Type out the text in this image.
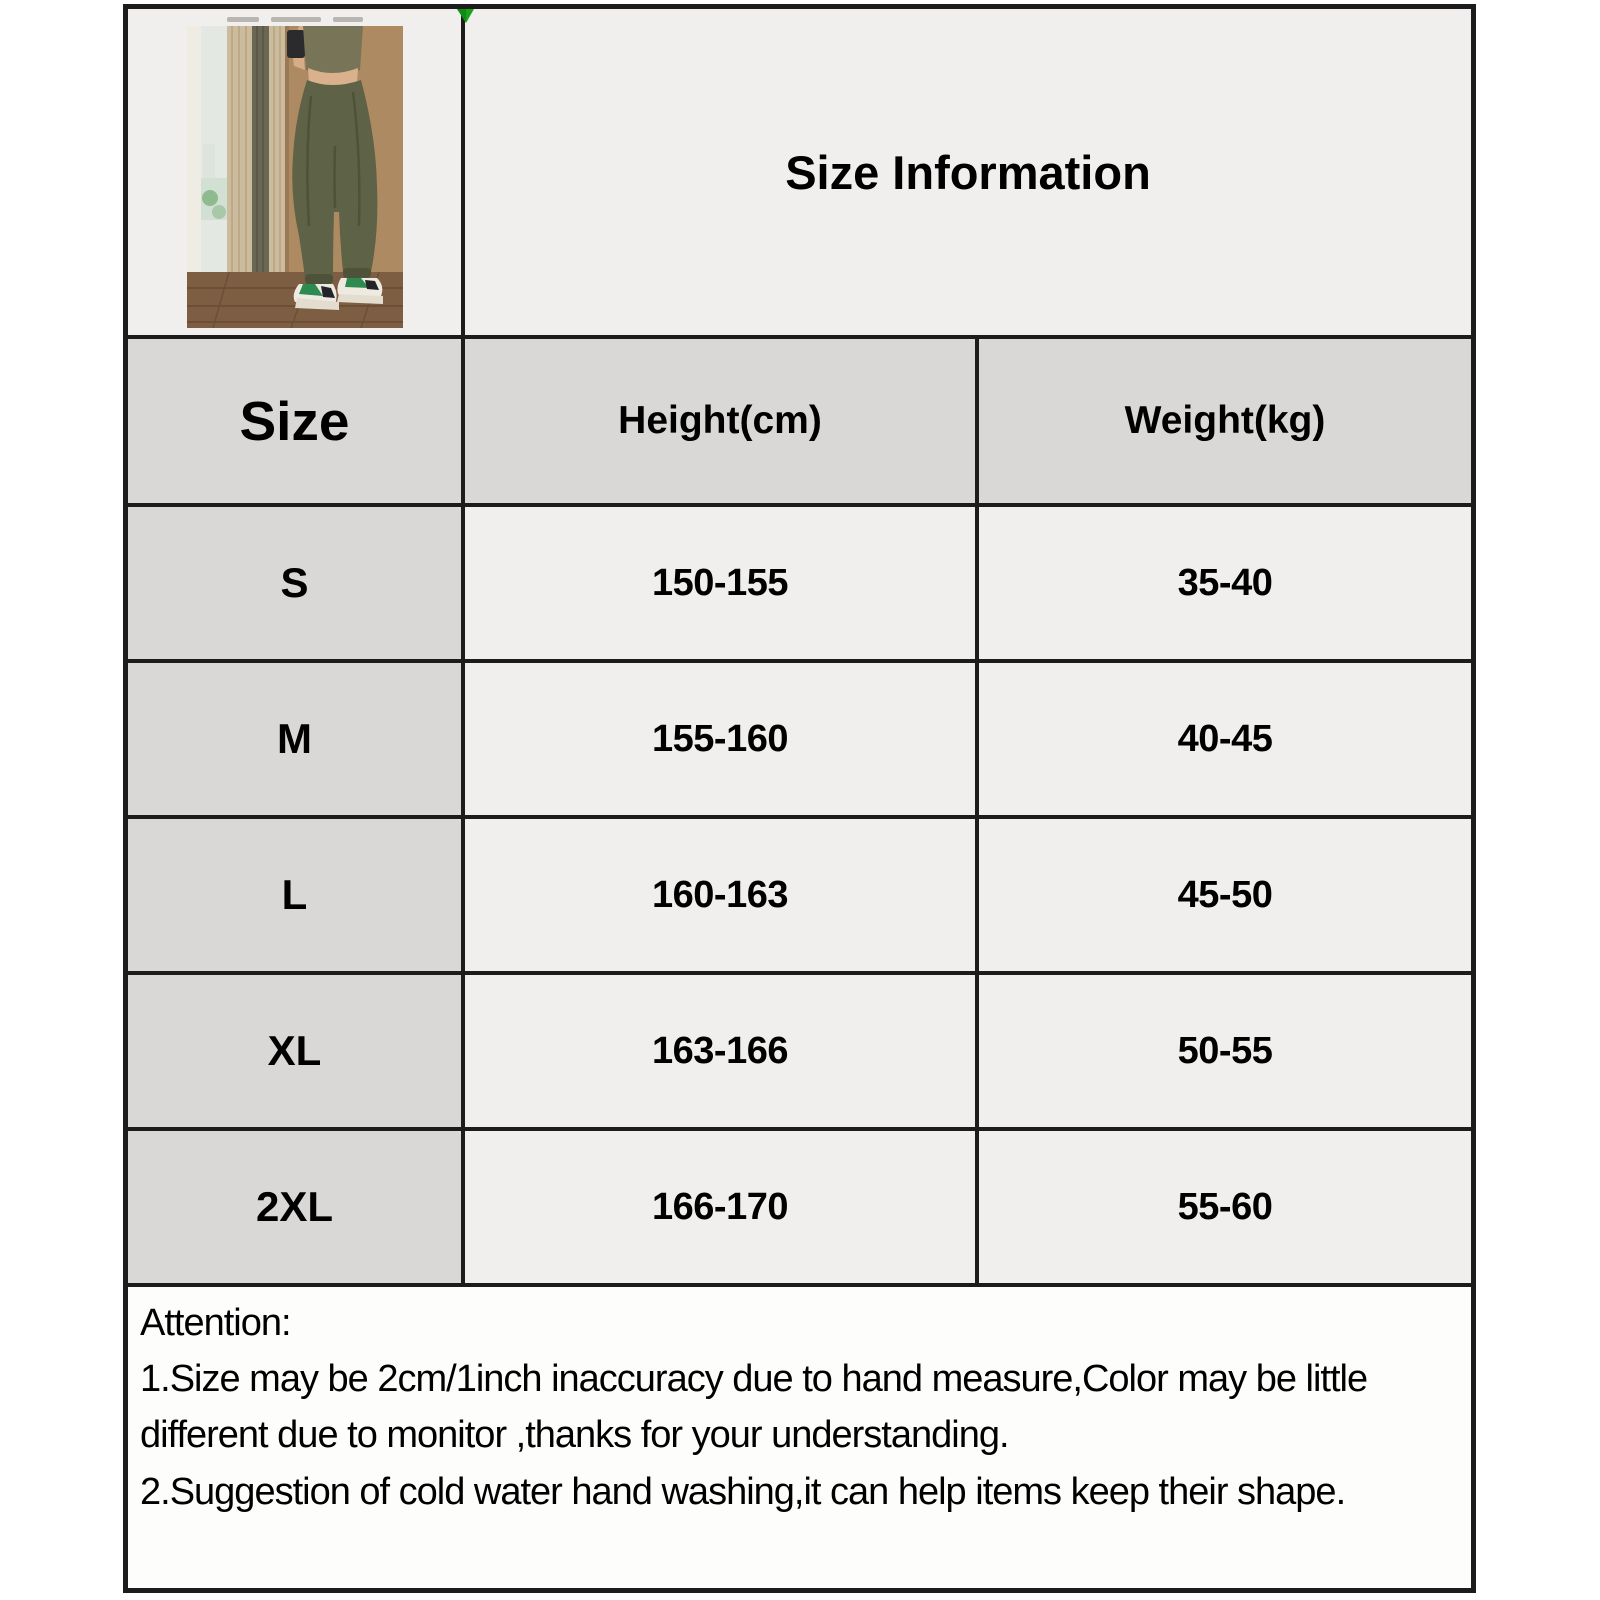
Size Information
Size	Height(cm)	Weight(kg)
S	150-155	35-40
M	155-160	40-45
L	160-163	45-50
XL	163-166	50-55
2XL	166-170	55-60

Attention:

1.Size may be 2cm/1inch inaccuracy due to hand measure,Color may be little different due to monitor ,thanks for your understanding.

2.Suggestion of cold water hand washing,it can help items keep their shape.
